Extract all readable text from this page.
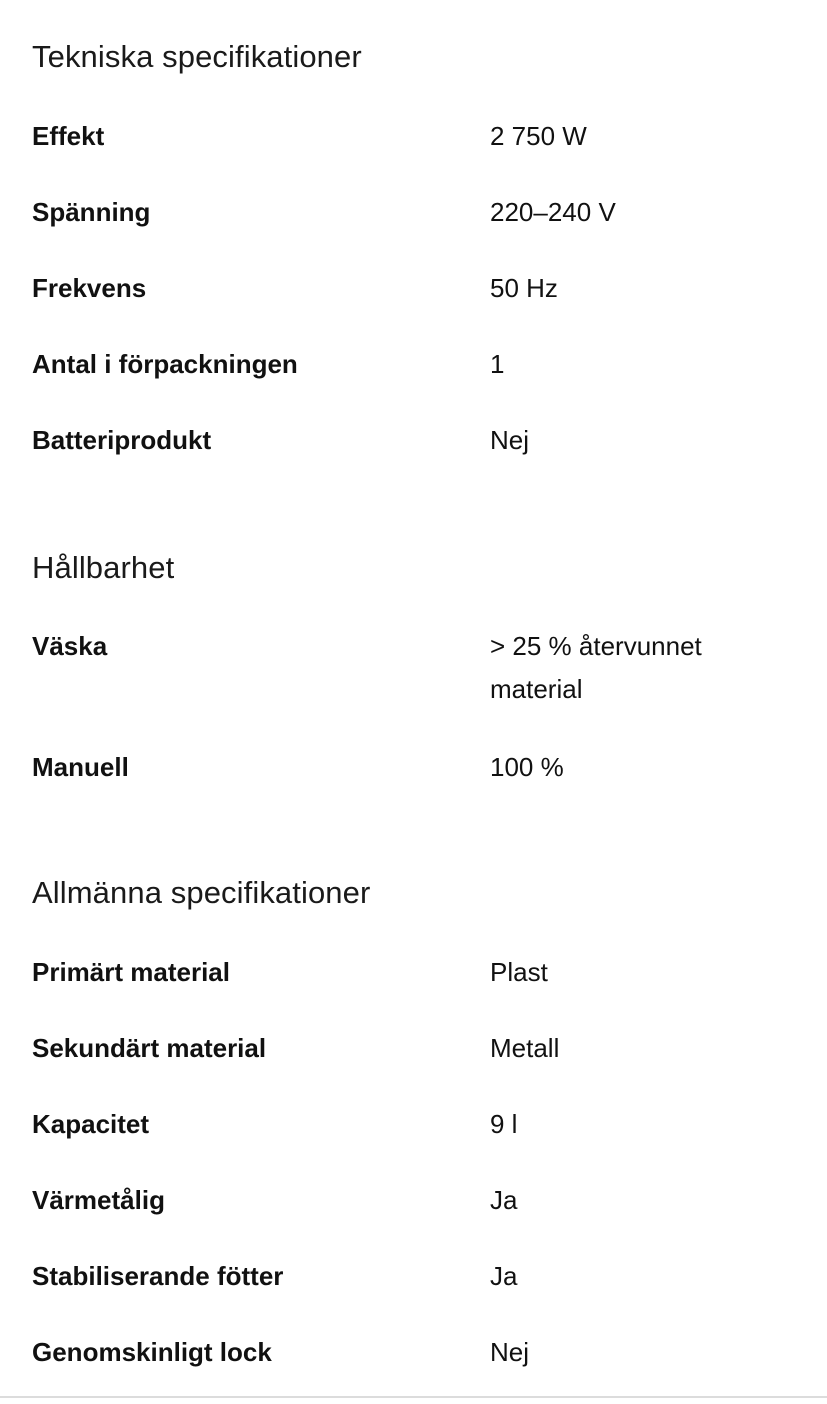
Tekniska specifikationer
Effekt	2 750 W
Spänning	220–240 V
Frekvens	50 Hz
Antal i förpackningen	1
Batteriprodukt	Nej
Hållbarhet
Väska	> 25 % återvunnet material
Manuell	100 %
Allmänna specifikationer
Primärt material	Plast
Sekundärt material	Metall
Kapacitet	9 l
Värmetålig	Ja
Stabiliserande fötter	Ja
Genomskinligt lock	Nej
